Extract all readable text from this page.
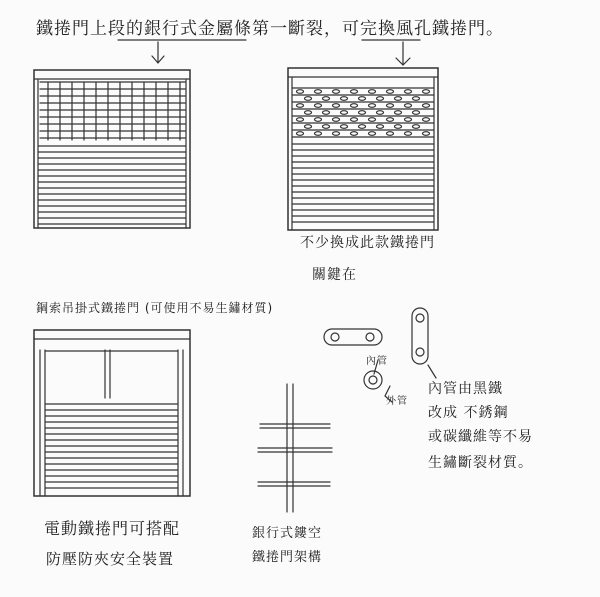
鐵捲門上段的銀行式金屬條第一斷裂，可完換風孔鐵捲門。
不少換成此款鐵捲門
關鍵在
鋼索吊掛式鐵捲門 (可使用不易生鏽材質)
內管
外管
內管由黑鐵
改成 不銹鋼
或碳纖維等不易
生鏽斷裂材質。
電動鐵捲門可搭配
防壓防夾安全裝置
銀行式鏤空
鐵捲門架構
